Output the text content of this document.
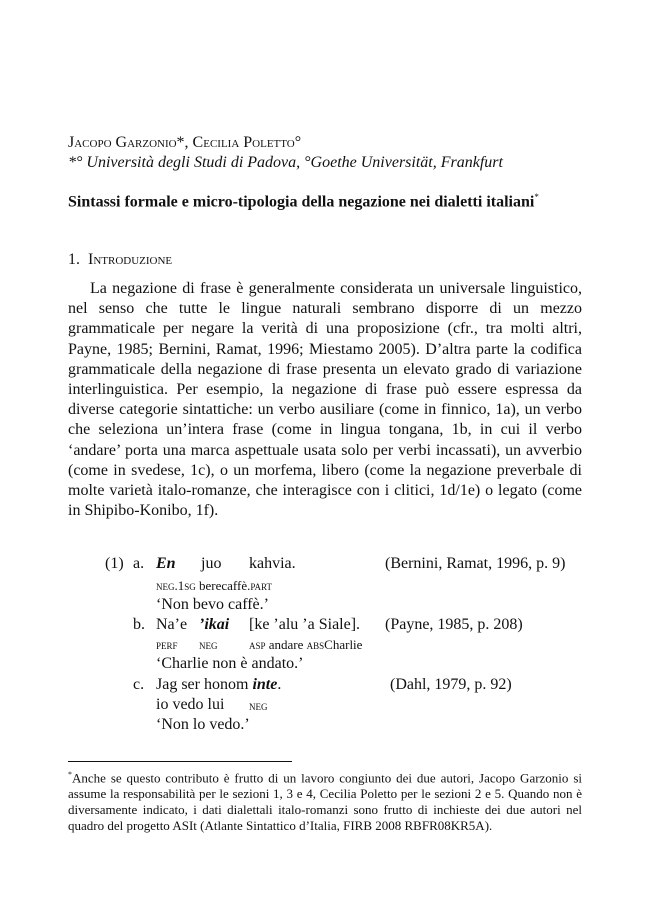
Jacopo Garzonio*, Cecilia Poletto°
*° Università degli Studi di Padova, °Goethe Universität, Frankfurt
Sintassi formale e micro-tipologia della negazione nei dialetti italiani*
1. Introduzione
La negazione di frase è generalmente considerata un universale linguistico, nel senso che tutte le lingue naturali sembrano disporre di un mezzo grammaticale per negare la verità di una proposizione (cfr., tra molti altri, Payne, 1985; Bernini, Ramat, 1996; Miestamo 2005). D’altra parte la codifica grammaticale della negazione di frase presenta un elevato grado di variazione interlinguistica. Per esempio, la negazione di frase può essere espressa da diverse categorie sintattiche: un verbo ausiliare (come in finnico, 1a), un verbo che seleziona un’intera frase (come in lingua tongana, 1b, in cui il verbo ‘andare’ porta una marca aspettuale usata solo per verbi incassati), un avverbio (come in svedese, 1c), o un morfema, libero (come la negazione preverbale di molte varietà italo-romanze, che interagisce con i clitici, 1d/1e) o legato (come in Shipibo-Konibo, 1f).
(1) a. En juo kahvia.	(Bernini, Ramat, 1996, p. 9)
neg.1sg berecaffè.part
‘Non bevo caffè.’
b. Na’e ’ikai [ke ’alu ’a Siale]. (Payne, 1985, p. 208)
perf neg asp andare absCharlie
‘Charlie non è andato.’
c. Jag ser honom inte.	(Dahl, 1979, p. 92)
io vedo lui neg
‘Non lo vedo.’
*Anche se questo contributo è frutto di un lavoro congiunto dei due autori, Jacopo Garzonio si assume la responsabilità per le sezioni 1, 3 e 4, Cecilia Poletto per le sezioni 2 e 5. Quando non è diversamente indicato, i dati dialettali italo-romanzi sono frutto di inchieste dei due autori nel quadro del progetto ASIt (Atlante Sintattico d’Italia, FIRB 2008 RBFR08KR5A).
